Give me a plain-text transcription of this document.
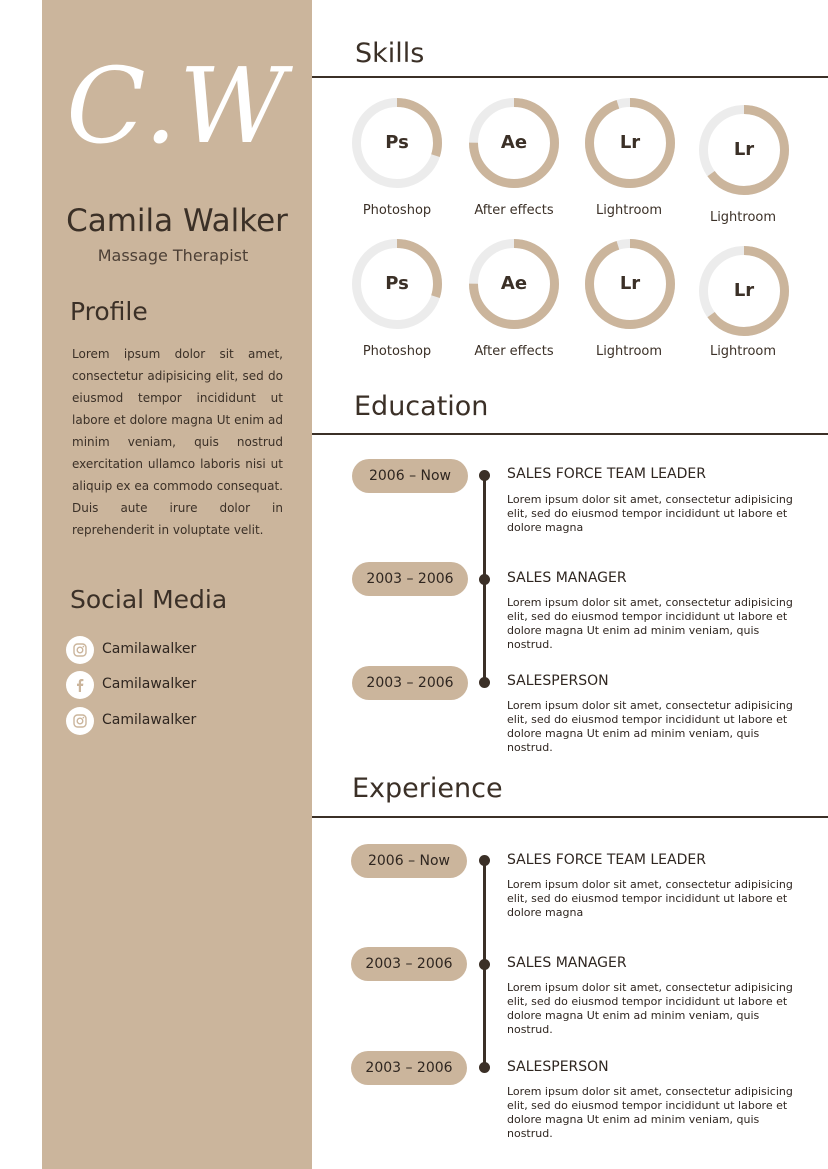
C.W
Camila Walker
Massage Therapist
Profile

Lorem ipsum dolor sit amet, consectetur adipisicing elit, sed do eiusmod tempor incididunt ut labore et dolore magna Ut enim ad minim veniam, quis nostrud exercitation ullamco laboris nisi ut aliquip ex ea commodo consequat. Duis aute irure dolor in reprehenderit in voluptate velit.

Social Media
Camilawalker
Camilawalker
Camilawalker
Skills
Ps	Ae	Lr	Lr
Photoshop	After effects	Lightroom	Lightroom
Ps	Ae	Lr	Lr
Photoshop	After effects	Lightroom	Lightroom
Education
2006 – Now	SALES FORCE TEAM LEADER

Lorem ipsum dolor sit amet, consectetur adipisicing elit, sed do eiusmod tempor incididunt ut labore et dolore magna

2003 – 2006	SALES MANAGER

Lorem ipsum dolor sit amet, consectetur adipisicing elit, sed do eiusmod tempor incididunt ut labore et dolore magna Ut enim ad minim veniam, quis nostrud.

2003 – 2006	SALESPERSON

Lorem ipsum dolor sit amet, consectetur adipisicing elit, sed do eiusmod tempor incididunt ut labore et dolore magna Ut enim ad minim veniam, quis nostrud.

Experience
2006 – Now	SALES FORCE TEAM LEADER

Lorem ipsum dolor sit amet, consectetur adipisicing elit, sed do eiusmod tempor incididunt ut labore et dolore magna

2003 – 2006	SALES MANAGER

Lorem ipsum dolor sit amet, consectetur adipisicing elit, sed do eiusmod tempor incididunt ut labore et dolore magna Ut enim ad minim veniam, quis nostrud.

2003 – 2006	SALESPERSON

Lorem ipsum dolor sit amet, consectetur adipisicing elit, sed do eiusmod tempor incididunt ut labore et dolore magna Ut enim ad minim veniam, quis nostrud.
